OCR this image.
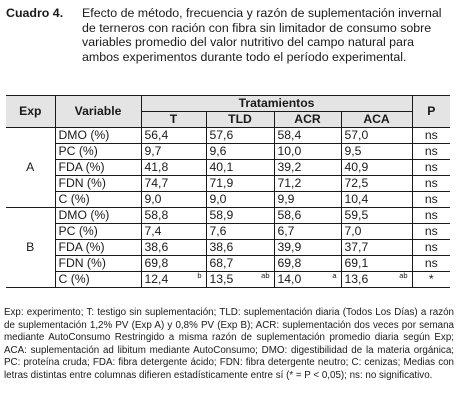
Cuadro 4. Efecto de método, frecuencia y razón de suplementación invernal de terneros con ración con fibra sin limitador de consumo sobre variables promedio del valor nutritivo del campo natural para ambos experimentos durante todo el período experimental.
Exp	Variable	Tratamientos				P
		T	TLD	ACR	ACA	
A	DMO (%)	56,4	57,6	58,4	57,0	ns
	PC (%)	9,7	9,6	10,0	9,5	ns
	FDA (%)	41,8	40,1	39,2	40,9	ns
	FDN (%)	74,7	71,9	71,2	72,5	ns
	C (%)	9,0	9,0	9,9	10,4	ns
B	DMO (%)	58,8	58,9	58,6	59,5	ns
	PC (%)	7,4	7,6	6,7	7,0	ns
	FDA (%)	38,6	38,6	39,9	37,7	ns
	FDN (%)	69,8	68,7	69,8	69,1	ns
	C (%)	12,4 b	13,5 ab	14,0 a	13,6 ab	*
Exp: experimento; T: testigo sin suplementación; TLD: suplementación diaria (Todos Los Días) a razón de suplementación 1,2% PV (Exp A) y 0,8% PV (Exp B); ACR: suplementación dos veces por semana mediante AutoConsumo Restringido a misma razón de suplementación promedio diaria según Exp; ACA: suplementación ad libitum mediante AutoConsumo; DMO: digestibilidad de la materia orgánica; PC: proteína cruda; FDA: fibra detergente ácido; FDN: fibra detergente neutro; C: cenizas; Medias con letras distintas entre columnas difieren estadísticamente entre sí (* = P < 0,05); ns: no significativo.
